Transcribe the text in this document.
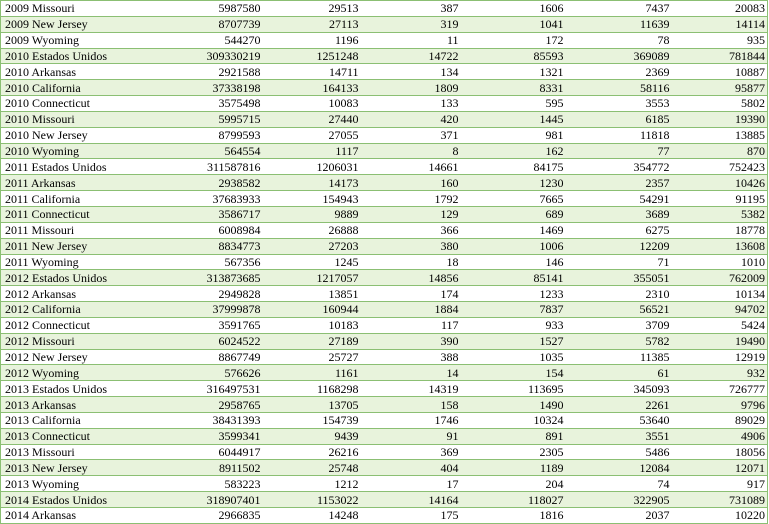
2009 Missouri	5987580	29513	387	1606	7437	20083
2009 New Jersey	8707739	27113	319	1041	11639	14114
2009 Wyoming	544270	1196	11	172	78	935
2010 Estados Unidos	309330219	1251248	14722	85593	369089	781844
2010 Arkansas	2921588	14711	134	1321	2369	10887
2010 California	37338198	164133	1809	8331	58116	95877
2010 Connecticut	3575498	10083	133	595	3553	5802
2010 Missouri	5995715	27440	420	1445	6185	19390
2010 New Jersey	8799593	27055	371	981	11818	13885
2010 Wyoming	564554	1117	8	162	77	870
2011 Estados Unidos	311587816	1206031	14661	84175	354772	752423
2011 Arkansas	2938582	14173	160	1230	2357	10426
2011 California	37683933	154943	1792	7665	54291	91195
2011 Connecticut	3586717	9889	129	689	3689	5382
2011 Missouri	6008984	26888	366	1469	6275	18778
2011 New Jersey	8834773	27203	380	1006	12209	13608
2011 Wyoming	567356	1245	18	146	71	1010
2012 Estados Unidos	313873685	1217057	14856	85141	355051	762009
2012 Arkansas	2949828	13851	174	1233	2310	10134
2012 California	37999878	160944	1884	7837	56521	94702
2012 Connecticut	3591765	10183	117	933	3709	5424
2012 Missouri	6024522	27189	390	1527	5782	19490
2012 New Jersey	8867749	25727	388	1035	11385	12919
2012 Wyoming	576626	1161	14	154	61	932
2013 Estados Unidos	316497531	1168298	14319	113695	345093	726777
2013 Arkansas	2958765	13705	158	1490	2261	9796
2013 California	38431393	154739	1746	10324	53640	89029
2013 Connecticut	3599341	9439	91	891	3551	4906
2013 Missouri	6044917	26216	369	2305	5486	18056
2013 New Jersey	8911502	25748	404	1189	12084	12071
2013 Wyoming	583223	1212	17	204	74	917
2014 Estados Unidos	318907401	1153022	14164	118027	322905	731089
2014 Arkansas	2966835	14248	175	1816	2037	10220
